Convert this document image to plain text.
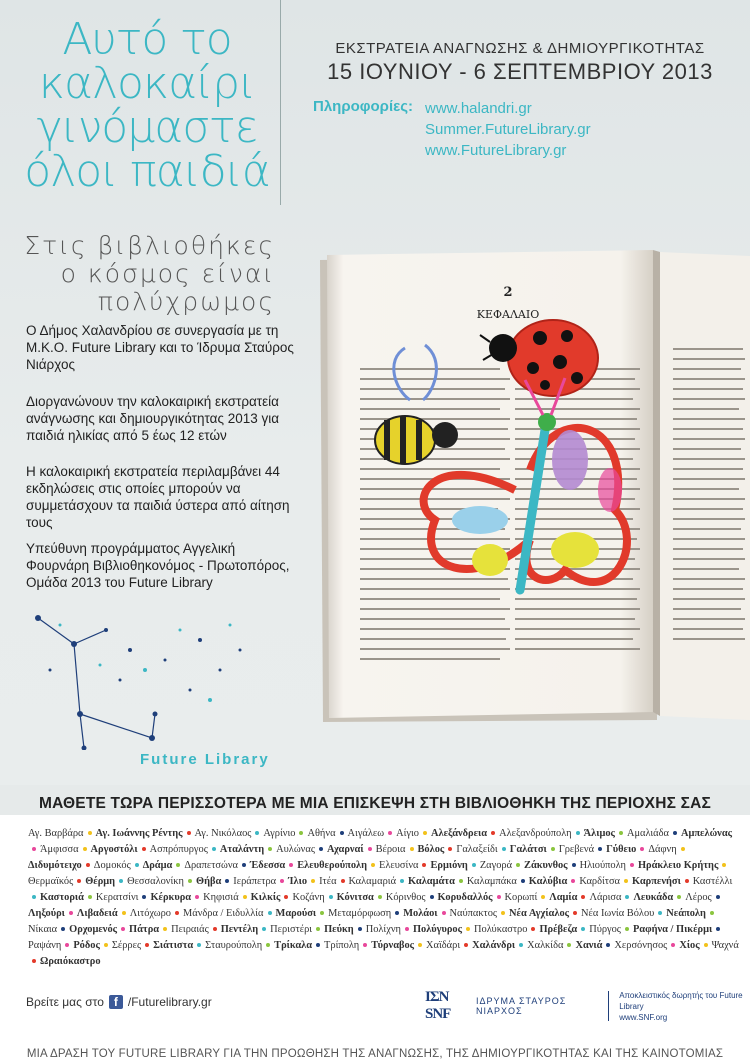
Αυτό το
καλοκαίρι
γινόμαστε
όλοι παιδιά
Στις βιβλιοθήκες
ο κόσμος είναι
πολύχρωμος
ΕΚΣΤΡΑΤΕΙΑ ΑΝΑΓΝΩΣΗΣ & ΔΗΜΙΟΥΡΓΙΚΟΤΗΤΑΣ
15 ΙΟΥΝΙΟΥ - 6 ΣΕΠΤΕΜΒΡΙΟΥ 2013
Πληροφορίες: www.halandri.gr
Summer.FutureLibrary.gr
www.FutureLibrary.gr
Ο Δήμος Χαλανδρίου σε συνεργασία με τη Μ.Κ.Ο. Future Library και το Ίδρυμα Σταύρος Νιάρχος
Διοργανώνουν την καλοκαιρική εκστρατεία ανάγνωσης και δημιουργικότητας 2013 για παιδιά ηλικίας από 5 έως 12 ετών
Η καλοκαιρική εκστρατεία περιλαμβάνει 44 εκδηλώσεις στις οποίες μπορούν να συμμετάσχουν τα παιδιά ύστερα από αίτηση τους
Υπεύθυνη προγράμματος Αγγελική Φουρνάρη Βιβλιοθηκονόμος - Πρωτοπόρος, Ομάδα 2013 του Future Library
2
ΚΕΦΑΛΑΙΟ
Future Library
ΜΑΘΕΤΕ ΤΩΡΑ ΠΕΡΙΣΣΟΤΕΡΑ ΜΕ ΜΙΑ ΕΠΙΣΚΕΨΗ ΣΤΗ ΒΙΒΛΙΟΘΗΚΗ ΤΗΣ ΠΕΡΙΟΧΗΣ ΣΑΣ
Αγ. Βαρβάρα Αγ. Ιωάννης Ρέντης Αγ. Νικόλαος Αγρίνιο Αθήνα Αιγάλεω Αίγιο Αλεξάνδρεια Αλεξανδρούπολη Άλιμος Αμαλιάδα ΑμπελώναςΆμφισσα Αργοστόλι Ασπρόπυργος Αταλάντη Αυλώνας Αχαρναί Βέροια Βόλος Γαλαξείδι Γαλάτσι Γρεβενά Γύθειο ΔάφνηΔιδυμότειχο Δομοκός Δράμα Δραπετσώνα Έδεσσα Ελευθερούπολη Ελευσίνα Ερμιόνη Ζαγορά Ζάκυνθος Ηλιούπολη Ηράκλειο ΚρήτηςΘερμαϊκός Θέρμη Θεσσαλονίκη Θήβα Ιεράπετρα Ίλιο Ιτέα Καλαμαριά Καλαμάτα Καλαμπάκα Καλύβια Καρδίτσα Καρπενήσι ΚαστέλλιΚαστοριά Κερατσίνι Κέρκυρα Κηφισιά Κιλκίς Κοζάνη Κόνιτσα Κόρινθος Κορυδαλλός Κορωπί Λαμία Λάρισα Λευκάδα ΛέροςΛηξούρι Λιβαδειά Λιτόχωρο Μάνδρα / Ειδυλλία Μαρούσι Μεταμόρφωση Μολάοι Ναύπακτος Νέα Αγχίαλος Νέα Ιωνία Βόλου ΝεάποληΝίκαια Ορχομενός Πάτρα Πειραιάς Πεντέλη Περιστέρι Πεύκη Πολίχνη Πολύγυρος Πολύκαστρο Πρέβεζα Πύργος Ραφήνα / ΠικέρμιΡαψάνη Ρόδος Σέρρες Σιάτιστα Σταυρούπολη Τρίκαλα Τρίπολη Τύρναβος Χαϊδάρι Χαλάνδρι Χαλκίδα Χανιά Χερσόνησος Χίος ΨαχνάΩραιόκαστρο
Βρείτε μας στο f /Futurelibrary.gr	ΙΣΝ SNF
ΙΔΡΥΜΑ ΣΤΑΥΡΟΣ ΝΙΑΡΧΟΣ
Αποκλειστικός δωρητής του Future Library
www.SNF.org
ΜΙΑ ΔΡΑΣΗ ΤΟΥ FUTURE LIBRARY ΓΙΑ ΤΗΝ ΠΡΟΩΘΗΣΗ ΤΗΣ ΑΝΑΓΝΩΣΗΣ, ΤΗΣ ΔΗΜΙΟΥΡΓΙΚΟΤΗΤΑΣ ΚΑΙ ΤΗΣ ΚΑΙΝΟΤΟΜΙΑΣ
